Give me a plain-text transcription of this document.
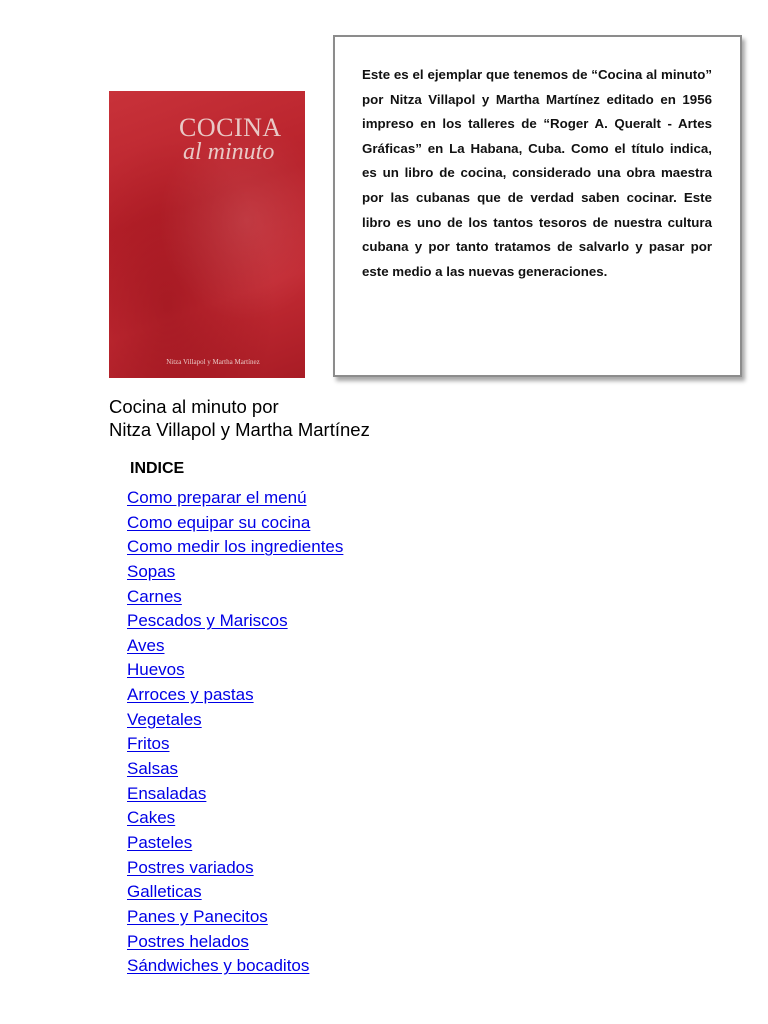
COCINA
al minuto
Nitza Villapol y Martha Martínez

Este es el ejemplar que tenemos de “Cocina al minuto” por Nitza Villapol y Martha Martínez editado en 1956 impreso en los talleres de “Roger A. Queralt - Artes Gráficas” en La Habana, Cuba. Como el título indica, es un libro de cocina, considerado una obra maestra por las cubanas que de verdad saben cocinar. Este libro es uno de los tantos tesoros de nuestra cultura cubana y por tanto tratamos de salvarlo y pasar por este medio a las nuevas generaciones.

Cocina al minuto por
Nitza Villapol y Martha Martínez
INDICE
Como preparar el menú
Como equipar su cocina
Como medir los ingredientes
Sopas
Carnes
Pescados y Mariscos
Aves
Huevos
Arroces y pastas
Vegetales
Fritos
Salsas
Ensaladas
Cakes
Pasteles
Postres variados
Galleticas
Panes y Panecitos
Postres helados
Sándwiches y bocaditos
